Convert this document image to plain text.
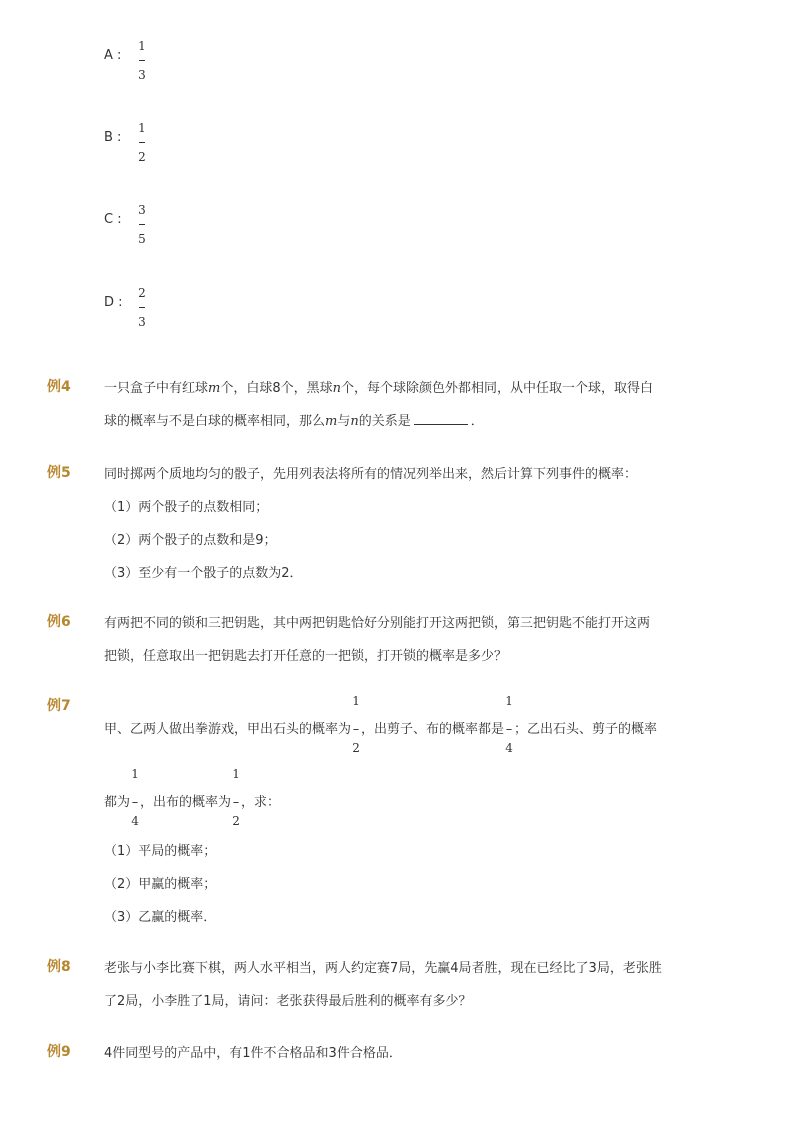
A :
1
3
B :
1
2
C :
3
5
D :
2
3
例4	一只盒子中有红球m个，白球8个，黑球n个，每个球除颜色外都相同，从中任取一个球，取得白
球的概率与不是白球的概率相同，那么m与n的关系是	．
例5	同时掷两个质地均匀的骰子，先用列表法将所有的情况列举出来，然后计算下列事件的概率：
（1）两个骰子的点数相同；
（2）两个骰子的点数和是9；
（3）至少有一个骰子的点数为2．
例6	有两把不同的锁和三把钥匙，其中两把钥匙恰好分别能打开这两把锁，第三把钥匙不能打开这两
把锁，任意取出一把钥匙去打开任意的一把锁，打开锁的概率是多少？
例7
甲、乙两人做出拳游戏，甲出石头的概率为
1
–
2
，出剪子、布的概率都是
1
–
4
；乙出石头、剪子的概率
都为
1
–
4
，出布的概率为
1
–
2
，求：
（1）平局的概率；
（2）甲赢的概率；
（3）乙赢的概率．
例8	老张与小李比赛下棋，两人水平相当，两人约定赛7局，先赢4局者胜，现在已经比了3局，老张胜
了2局，小李胜了1局，请问：老张获得最后胜利的概率有多少？
例9	4件同型号的产品中，有1件不合格品和3件合格品．
